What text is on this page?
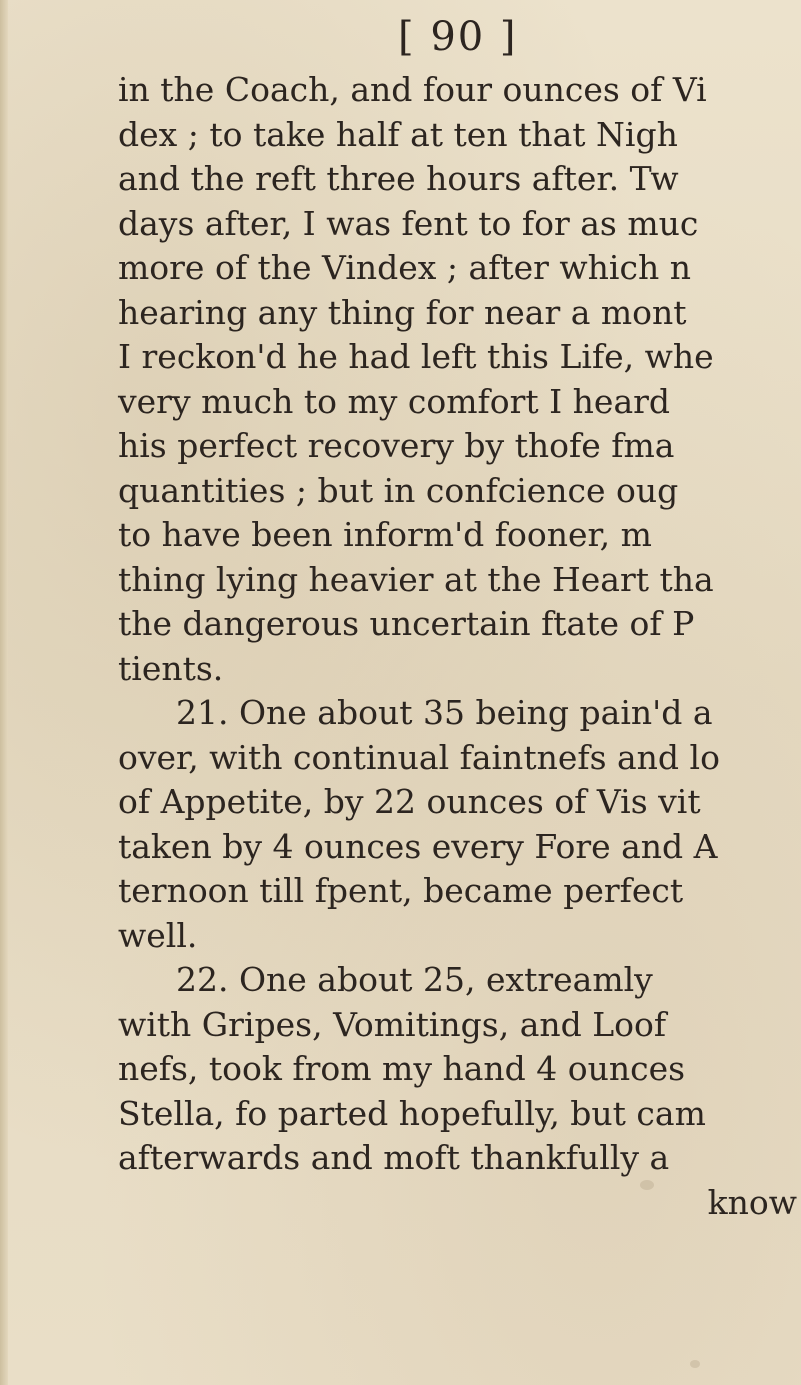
[ 90 ]
in the Coach, and four ounces of Vi
dex ; to take half at ten that Nigh
and the reft three hours after. Tw
days after, I was fent to for as muc
more of the Vindex ; after which n
hearing any thing for near a mont
I reckon'd he had left this Life, whe
very much to my comfort I heard
his perfect recovery by thofe fma
quantities ; but in confcience oug
to have been inform'd fooner, m
thing lying heavier at the Heart tha
the dangerous uncertain ftate of P
tients.
21. One about 35 being pain'd a
over, with continual faintnefs and lo
of Appetite, by 22 ounces of Vis vit
taken by 4 ounces every Fore and A
ternoon till fpent, became perfect
well.
22. One about 25, extreamly
with Gripes, Vomitings, and Loof
nefs, took from my hand 4 ounces
Stella, fo parted hopefully, but cam
afterwards and moft thankfully a
know
